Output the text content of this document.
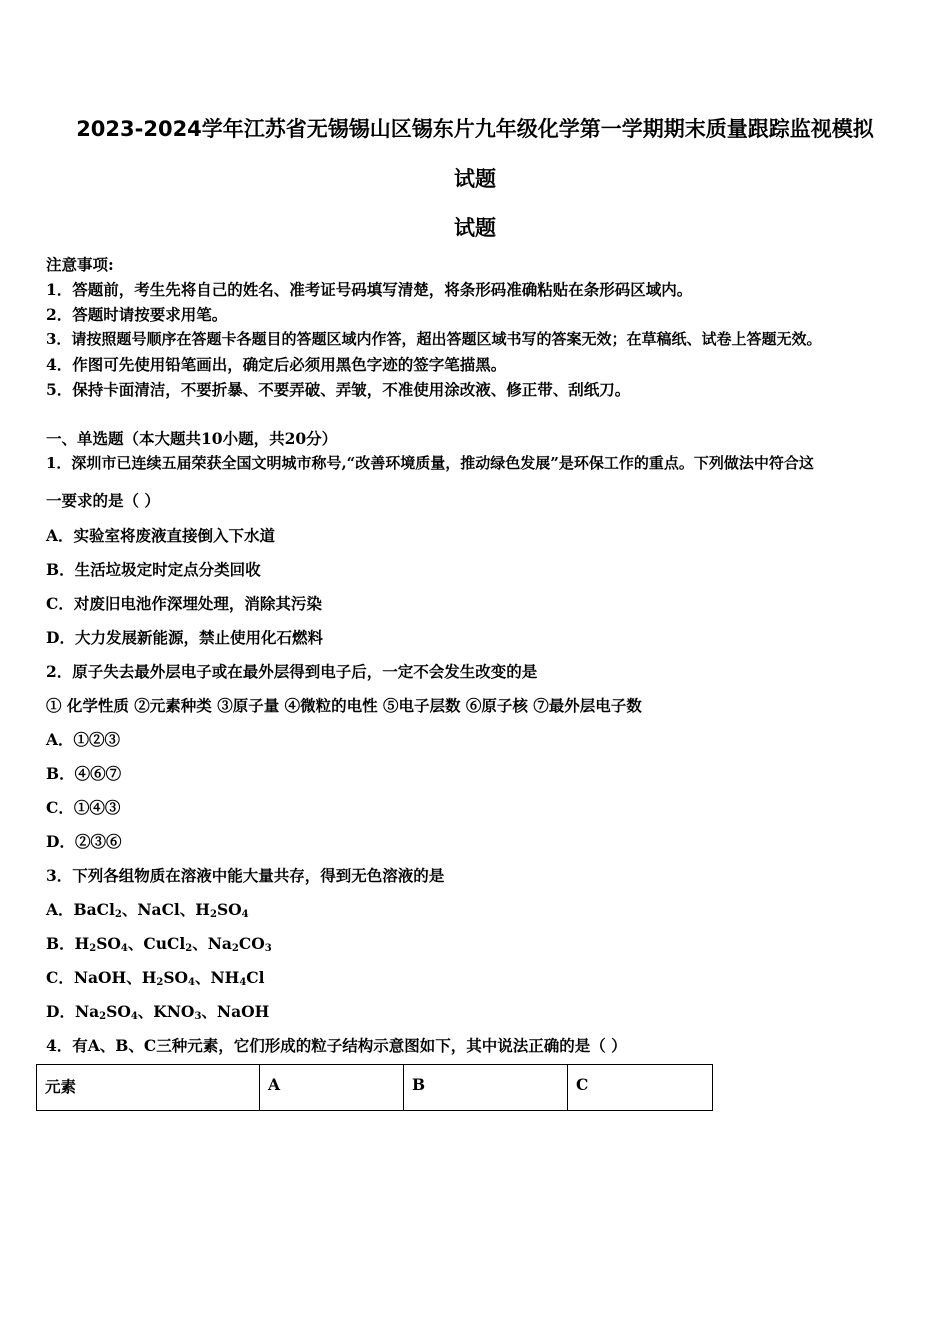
2023-2024学年江苏省无锡锡山区锡东片九年级化学第一学期期末质量跟踪监视模拟
试题
试题
注意事项:
1．答题前，考生先将自己的姓名、准考证号码填写清楚，将条形码准确粘贴在条形码区域内。
2．答题时请按要求用笔。
3．请按照题号顺序在答题卡各题目的答题区域内作答，超出答题区域书写的答案无效；在草稿纸、试卷上答题无效。
4．作图可先使用铅笔画出，确定后必须用黑色字迹的签字笔描黑。
5．保持卡面清洁，不要折暴、不要弄破、弄皱，不准使用涂改液、修正带、刮纸刀。
一、单选题（本大题共10小题，共20分）
1．深圳市已连续五届荣获全国文明城市称号,“改善环境质量，推动绿色发展”是环保工作的重点。下列做法中符合这
一要求的是（ ）
A．实验室将废液直接倒入下水道
B．生活垃圾定时定点分类回收
C．对废旧电池作深埋处理，消除其污染
D．大力发展新能源，禁止使用化石燃料
2．原子失去最外层电子或在最外层得到电子后，一定不会发生改变的是
① 化学性质 ②元素种类 ③原子量 ④微粒的电性 ⑤电子层数 ⑥原子核 ⑦最外层电子数
A．①②③
B．④⑥⑦
C．①④③
D．②③⑥
3．下列各组物质在溶液中能大量共存，得到无色溶液的是
A．BaCl$_2$、NaCl、$H_2SO_4$
B．$H_2SO_4$、CuCl$_2$、$Na_2CO_3$
C．NaOH、$H_2SO_4$、$NH_4Cl$
D．$Na_2SO_4$、$KNO_3$、NaOH
4．有A、B、C三种元素，它们形成的粒子结构示意图如下，其中说法正确的是（ ）
元素	A	B	C
